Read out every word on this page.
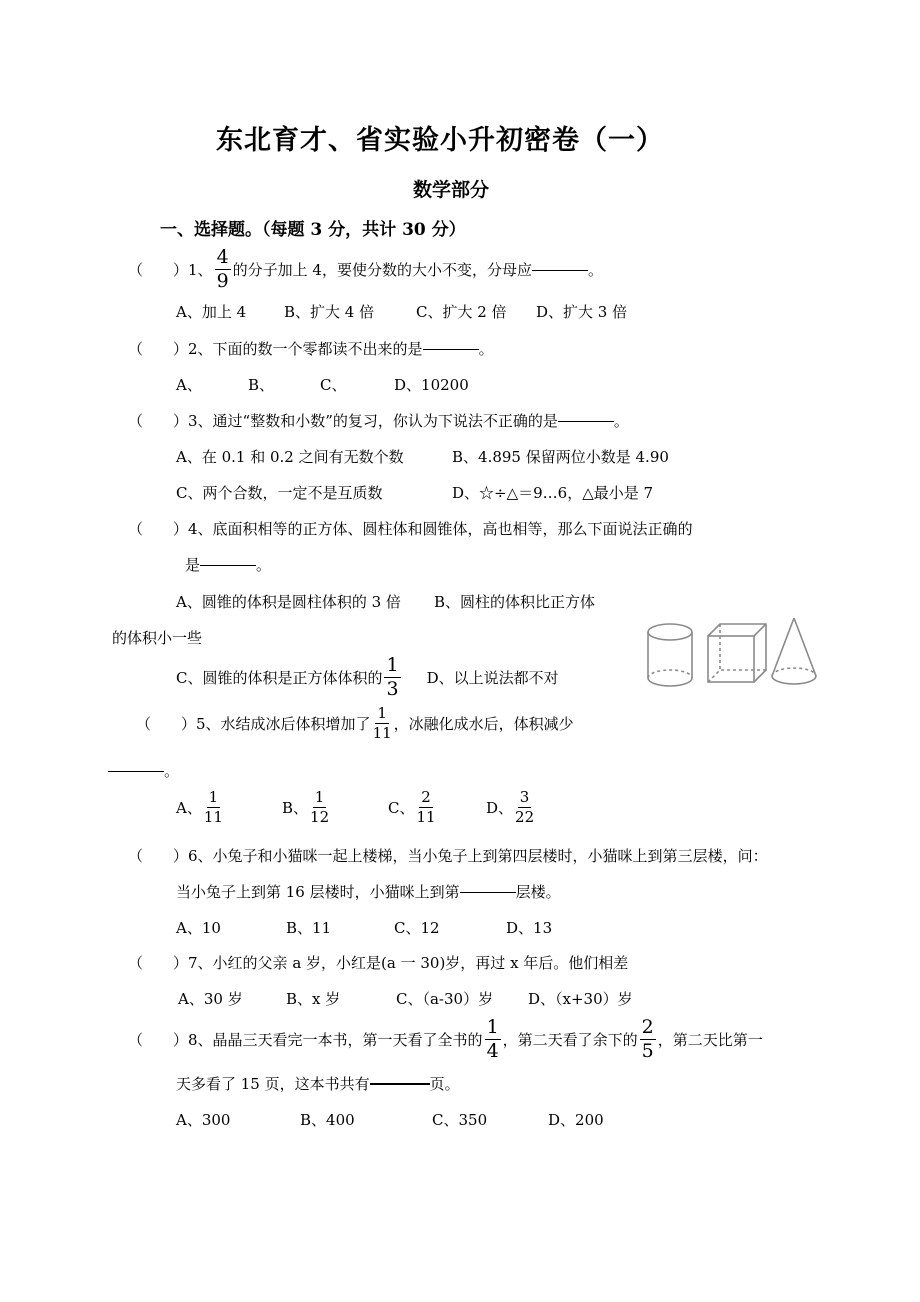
东北育才、省实验小升初密卷（一）
数学部分
一、选择题。（每题 3 分，共计 30 分）
（　　） 1、 $\frac{4}{9}$ 的分子加上 4，要使分数的大小不变，分母应	。
A、加上 4	B、扩大 4 倍	C、扩大 2 倍	D、扩大 3 倍
（　　） 2、下面的数一个零都读不出来的是	。
A、	B、	C、	D、10200
（　　） 3、通过“整数和小数”的复习，你认为下说法不正确的是	。
A、在 0.1 和 0.2 之间有无数个数	B、4.895 保留两位小数是 4.90
C、两个合数，一定不是互质数	D、☆÷△＝9…6，△最小是 7
（　　） 4、底面积相等的正方体、圆柱体和圆锥体，高也相等，那么下面说法正确的
是	。
A、圆锥的体积是圆柱体积的 3 倍	B、圆柱的体积比正方体
的体积小一些
C、圆锥的体积是正方体体积的 $\frac{1}{3}$ D、以上说法都不对
（　　） 5、水结成冰后体积增加了 $\frac{1}{11}$ ，冰融化成水后，体积减少
。
A、 $\frac{1}{11}$	B、 $\frac{1}{12}$	C、 $\frac{2}{11}$	D、 $\frac{3}{22}$
（　　） 6、小兔子和小猫咪一起上楼梯，当小兔子上到第四层楼时，小猫咪上到第三层楼，问：
当小兔子上到第 16 层楼时，小猫咪上到第	层楼。
A、10	B、11	C、12	D、13
（　　） 7、小红的父亲 a 岁，小红是(a 一 30)岁，再过 x 年后。他们相差
A、30 岁	B、x 岁	C、（a-30）岁	D、（x+30）岁
（　　） 8、晶晶三天看完一本书，第一天看了全书的 $\frac{1}{4}$ ，第二天看了余下的 $\frac{2}{5}$ ，第二天比第一
天多看了 15 页，这本书共有	页。
A、300	B、400	C、350	D、200
